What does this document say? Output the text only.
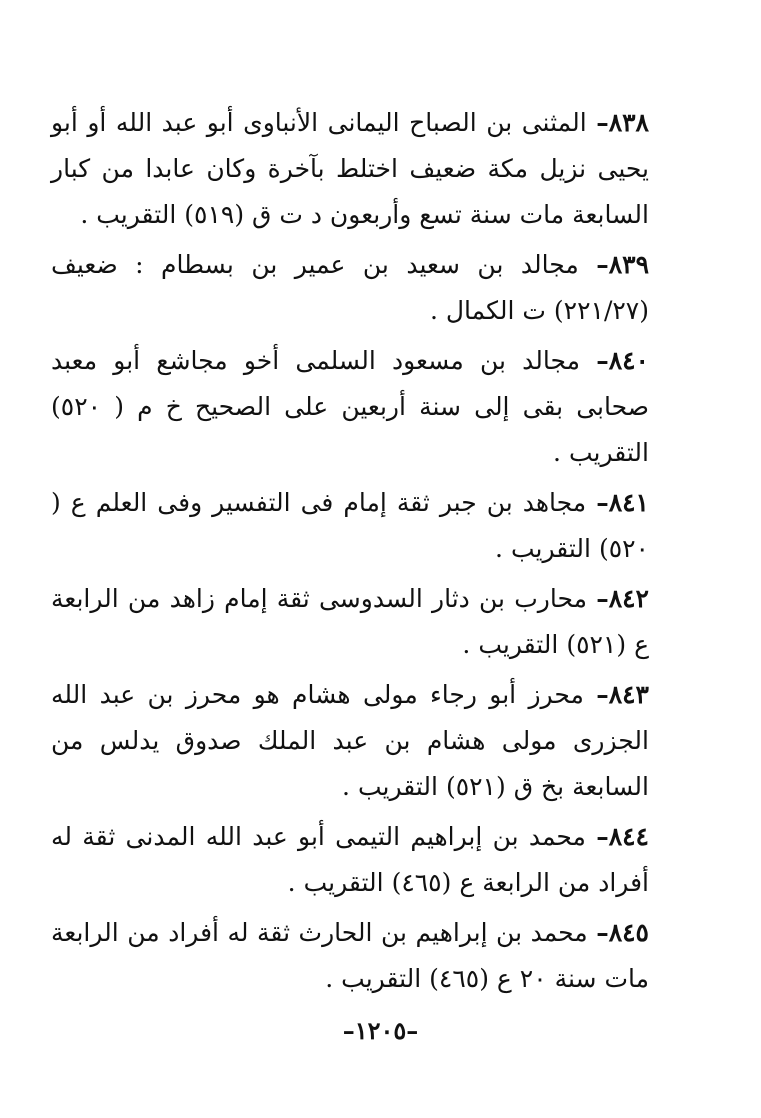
٨٣٨– المثنى بن الصباح اليمانى الأنباوى أبو عبد الله أو أبو يحيى نزيل مكة ضعيف اختلط بآخرة وكان عابدا من كبار السابعة مات سنة تسع وأربعون د ت ق (٥١٩) التقريب .

٨٣٩– مجالد بن سعيد بن عمير بن بسطام : ضعيف (٢٢١/٢٧) ت الكمال .

٨٤٠– مجالد بن مسعود السلمى أخو مجاشع أبو معبد صحابى بقى إلى سنة أربعين على الصحيح خ م ( ٥٢٠) التقريب .

٨٤١– مجاهد بن جبر ثقة إمام فى التفسير وفى العلم ع ( ٥٢٠) التقريب .

٨٤٢– محارب بن دثار السدوسى ثقة إمام زاهد من الرابعة ع (٥٢١) التقريب .

٨٤٣– محرز أبو رجاء مولى هشام هو محرز بن عبد الله الجزرى مولى هشام بن عبد الملك صدوق يدلس من السابعة بخ ق (٥٢١) التقريب .

٨٤٤– محمد بن إبراهيم التيمى أبو عبد الله المدنى ثقة له أفراد من الرابعة ع (٤٦٥) التقريب .

٨٤٥– محمد بن إبراهيم بن الحارث ثقة له أفراد من الرابعة مات سنة ٢٠ ع (٤٦٥) التقريب .

–١٢٠٥–
